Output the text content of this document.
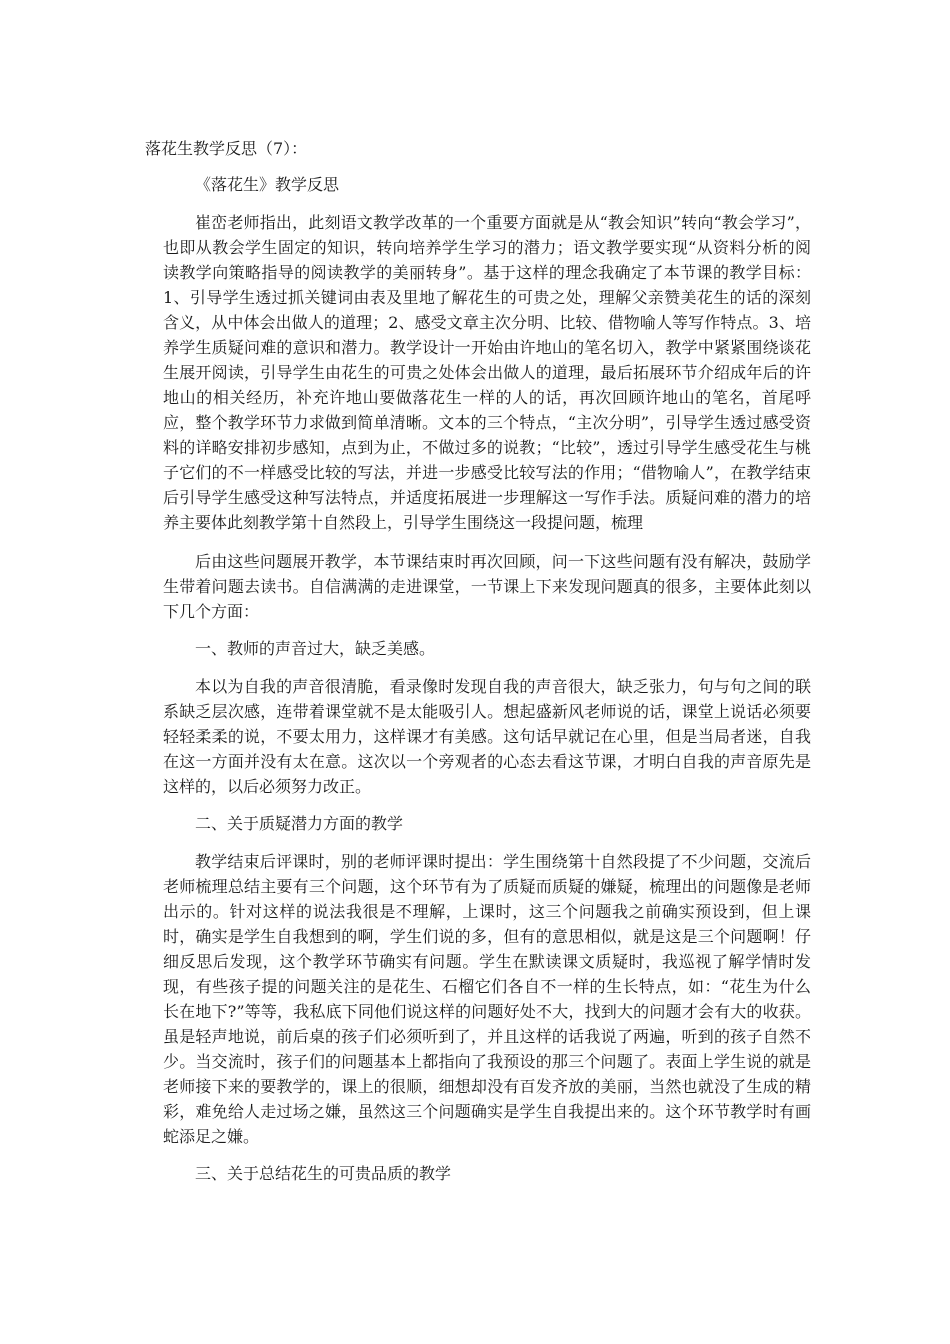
落花生教学反思（7）：
《落花生》教学反思

崔峦老师指出，此刻语文教学改革的一个重要方面就是从“教会知识”转向“教会学习”，也即从教会学生固定的知识，转向培养学生学习的潜力；语文教学要实现“从资料分析的阅读教学向策略指导的阅读教学的美丽转身”。基于这样的理念我确定了本节课的教学目标：1、引导学生透过抓关键词由表及里地了解花生的可贵之处，理解父亲赞美花生的话的深刻含义，从中体会出做人的道理；2、感受文章主次分明、比较、借物喻人等写作特点。3、培养学生质疑问难的意识和潜力。教学设计一开始由许地山的笔名切入，教学中紧紧围绕谈花生展开阅读，引导学生由花生的可贵之处体会出做人的道理，最后拓展环节介绍成年后的许地山的相关经历，补充许地山要做落花生一样的人的话，再次回顾许地山的笔名，首尾呼应，整个教学环节力求做到简单清晰。文本的三个特点，“主次分明”，引导学生透过感受资料的详略安排初步感知，点到为止，不做过多的说教；“比较”，透过引导学生感受花生与桃子它们的不一样感受比较的写法，并进一步感受比较写法的作用；“借物喻人”，在教学结束后引导学生感受这种写法特点，并适度拓展进一步理解这一写作手法。质疑问难的潜力的培养主要体此刻教学第十自然段上，引导学生围绕这一段提问题，梳理

后由这些问题展开教学，本节课结束时再次回顾，问一下这些问题有没有解决，鼓励学生带着问题去读书。自信满满的走进课堂，一节课上下来发现问题真的很多，主要体此刻以下几个方面：

一、教师的声音过大，缺乏美感。

本以为自我的声音很清脆，看录像时发现自我的声音很大，缺乏张力，句与句之间的联系缺乏层次感，连带着课堂就不是太能吸引人。想起盛新风老师说的话，课堂上说话必须要轻轻柔柔的说，不要太用力，这样课才有美感。这句话早就记在心里，但是当局者迷，自我在这一方面并没有太在意。这次以一个旁观者的心态去看这节课，才明白自我的声音原先是这样的，以后必须努力改正。

二、关于质疑潜力方面的教学

教学结束后评课时，别的老师评课时提出：学生围绕第十自然段提了不少问题，交流后老师梳理总结主要有三个问题，这个环节有为了质疑而质疑的嫌疑，梳理出的问题像是老师出示的。针对这样的说法我很是不理解，上课时，这三个问题我之前确实预设到，但上课时，确实是学生自我想到的啊，学生们说的多，但有的意思相似，就是这是三个问题啊！仔细反思后发现，这个教学环节确实有问题。学生在默读课文质疑时，我巡视了解学情时发现，有些孩子提的问题关注的是花生、石榴它们各自不一样的生长特点，如：“花生为什么长在地下?”等等，我私底下同他们说这样的问题好处不大，找到大的问题才会有大的收获。虽是轻声地说，前后桌的孩子们必须听到了，并且这样的话我说了两遍，听到的孩子自然不少。当交流时，孩子们的问题基本上都指向了我预设的那三个问题了。表面上学生说的就是老师接下来的要教学的，课上的很顺，细想却没有百发齐放的美丽，当然也就没了生成的精彩，难免给人走过场之嫌，虽然这三个问题确实是学生自我提出来的。这个环节教学时有画蛇添足之嫌。

三、关于总结花生的可贵品质的教学
